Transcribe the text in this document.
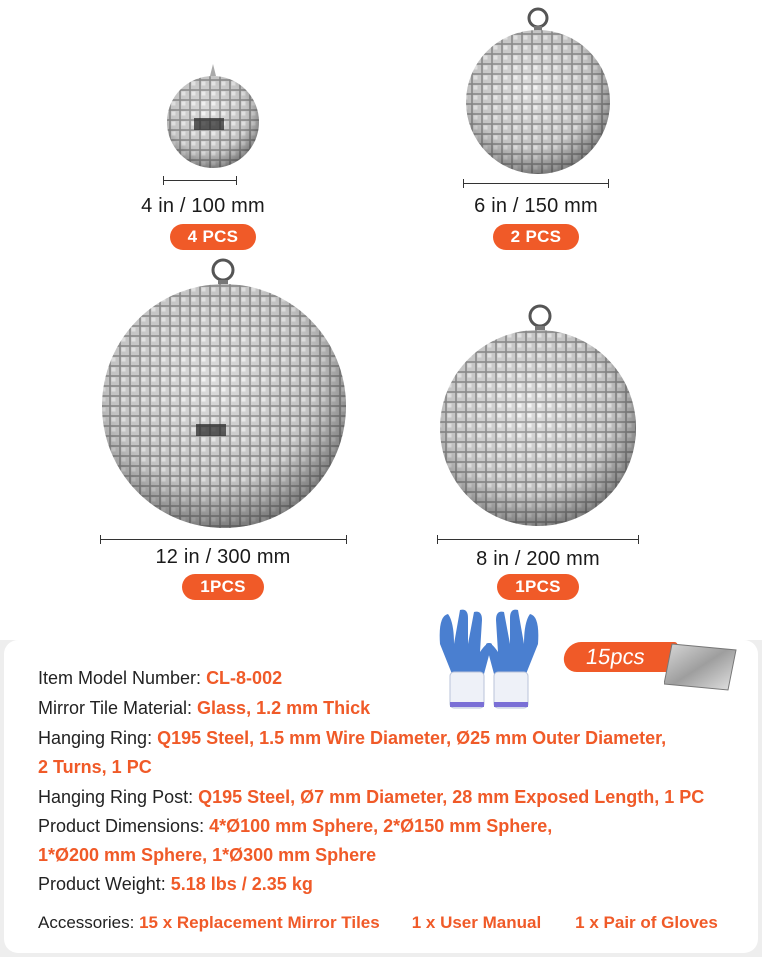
4 in / 100 mm
4 PCS
6 in / 150 mm
2 PCS
12 in / 300 mm
1PCS
8 in / 200 mm
1PCS
15pcs
Item Model Number: CL-8-002
Mirror Tile Material: Glass, 1.2 mm Thick
Hanging Ring: Q195 Steel, 1.5 mm Wire Diameter, Ø25 mm Outer Diameter,
2 Turns, 1 PC
Hanging Ring Post: Q195 Steel, Ø7 mm Diameter, 28 mm Exposed Length, 1 PC
Product Dimensions: 4*Ø100 mm Sphere, 2*Ø150 mm Sphere,
1*Ø200 mm Sphere, 1*Ø300 mm Sphere
Product Weight: 5.18 lbs / 2.35 kg
Accessories: 15 x Replacement Mirror Tiles 1 x User Manual 1 x Pair of Gloves
